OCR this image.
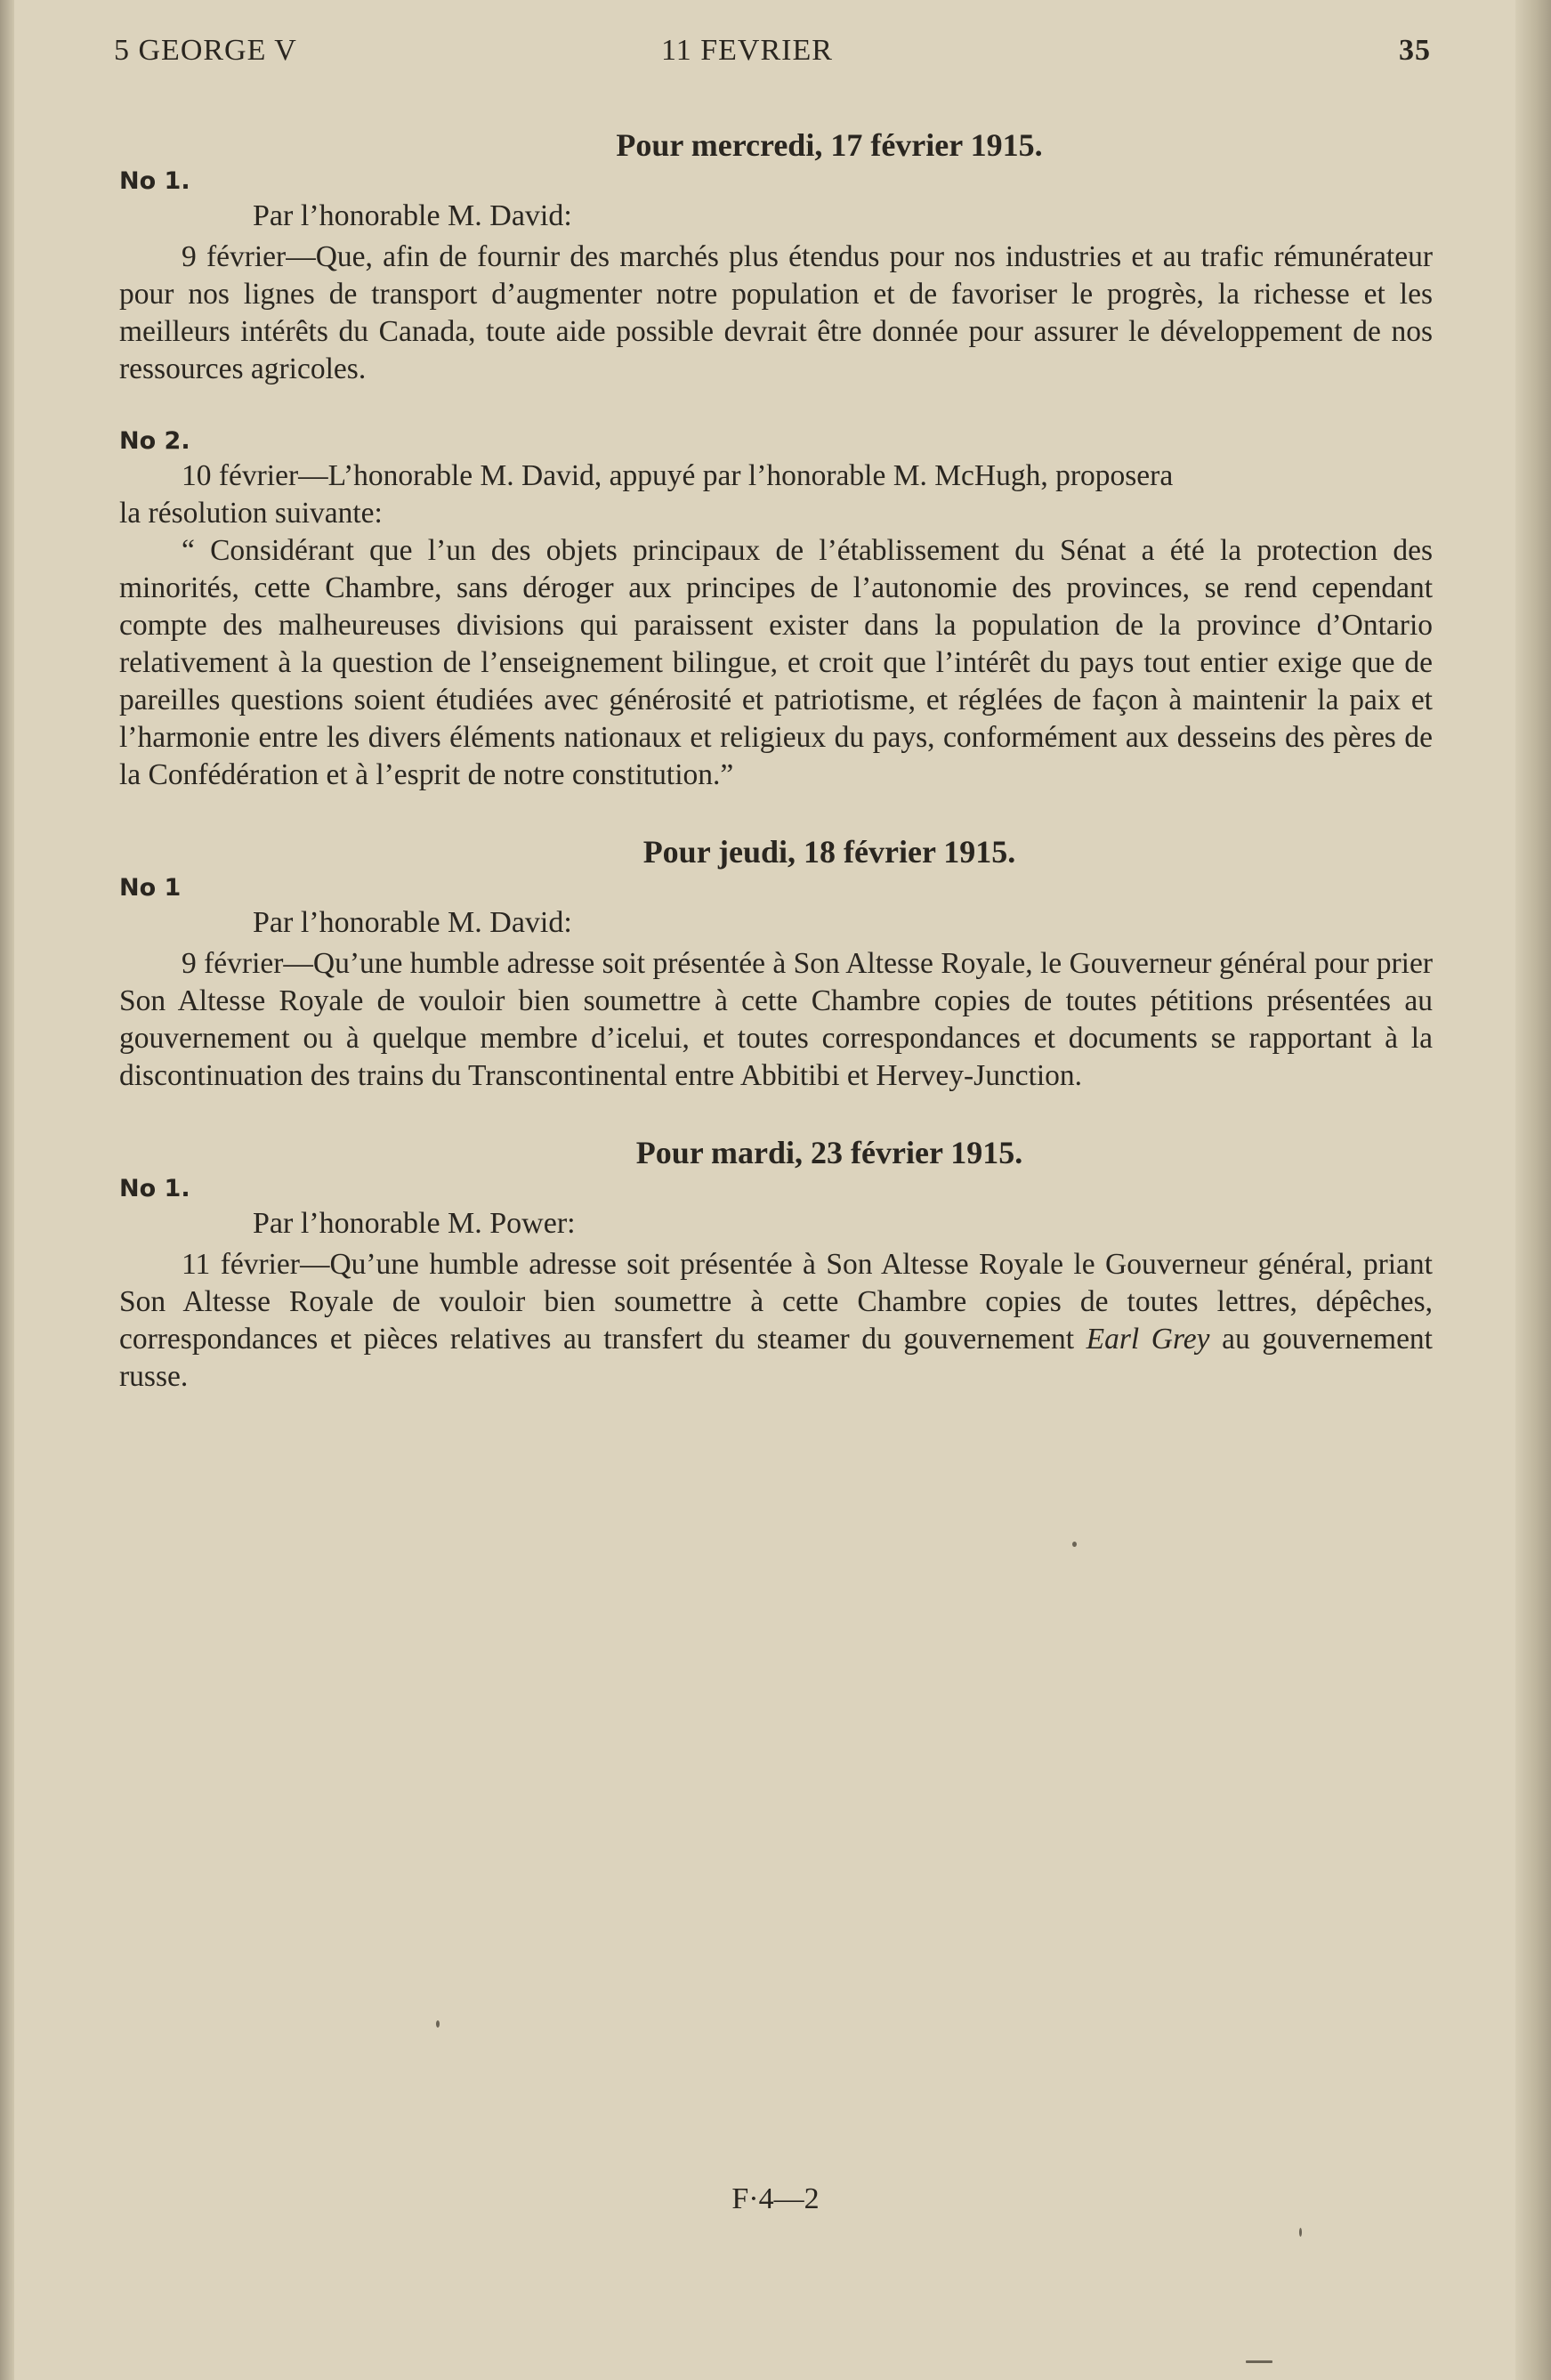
5 GEORGE V	11 FEVRIER	35
Pour mercredi, 17 février 1915.

No 1.

Par l’honorable M. David:

9 février—Que, afin de fournir des marchés plus étendus pour nos industries et au trafic rémunérateur pour nos lignes de transport d’augmenter notre population et de favoriser le progrès, la richesse et les meilleurs intérêts du Canada, toute aide possible devrait être donnée pour assurer le développement de nos ressources agricoles.

No 2.

10 février—L’honorable M. David, appuyé par l’honorable M. McHugh, proposera

la résolution suivante:

“ Considérant que l’un des objets principaux de l’établissement du Sénat a été la protection des minorités, cette Chambre, sans déroger aux principes de l’autonomie des provinces, se rend cependant compte des malheureuses divisions qui paraissent exister dans la population de la province d’Ontario relativement à la question de l’enseignement bilingue, et croit que l’intérêt du pays tout entier exige que de pareilles questions soient étudiées avec générosité et patriotisme, et réglées de façon à maintenir la paix et l’harmonie entre les divers éléments nationaux et religieux du pays, conformément aux desseins des pères de la Confédération et à l’esprit de notre constitution.”

Pour jeudi, 18 février 1915.

No 1

Par l’honorable M. David:

9 février—Qu’une humble adresse soit présentée à Son Altesse Royale, le Gouverneur général pour prier Son Altesse Royale de vouloir bien soumettre à cette Chambre copies de toutes pétitions présentées au gouvernement ou à quelque membre d’icelui, et toutes correspondances et documents se rapportant à la discontinuation des trains du Transcontinental entre Abbitibi et Hervey-Junction.

Pour mardi, 23 février 1915.

No 1.

Par l’honorable M. Power:

11 février—Qu’une humble adresse soit présentée à Son Altesse Royale le Gouverneur général, priant Son Altesse Royale de vouloir bien soumettre à cette Chambre copies de toutes lettres, dépêches, correspondances et pièces relatives au transfert du steamer du gouvernement Earl Grey au gouvernement russe.

F·4—2
